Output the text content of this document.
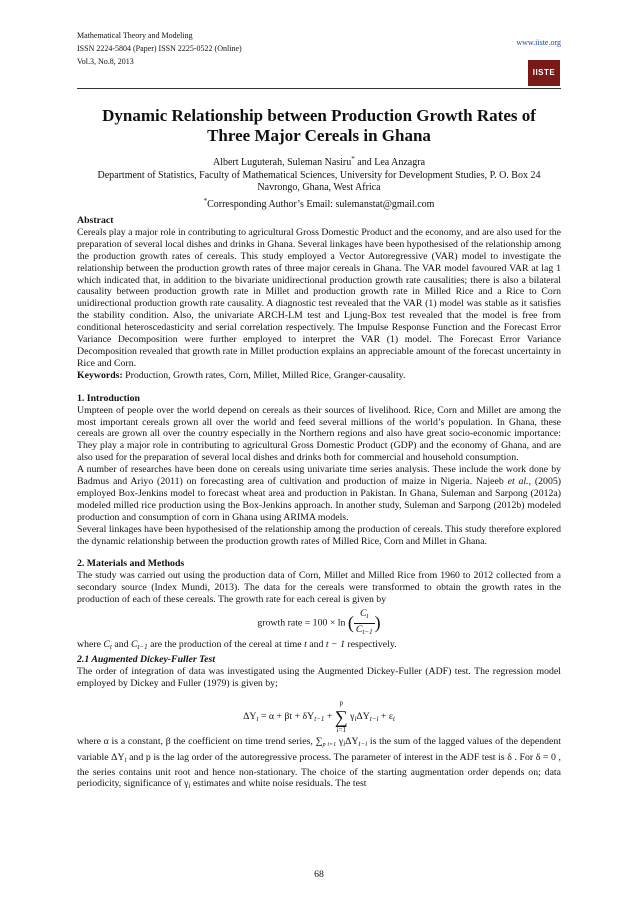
Mathematical Theory and Modeling
www.iiste.org
ISSN 2224-5804 (Paper) ISSN 2225-0522 (Online)
Vol.3, No.8, 2013
IISTE
Dynamic Relationship between Production Growth Rates of
Three Major Cereals in Ghana
Albert Luguterah, Suleman Nasiru* and Lea Anzagra
Department of Statistics, Faculty of Mathematical Sciences, University for Development Studies, P. O. Box 24
Navrongo, Ghana, West Africa
*Corresponding Author’s Email: sulemanstat@gmail.com

Abstract

Cereals play a major role in contributing to agricultural Gross Domestic Product and the economy, and are also used for the preparation of several local dishes and drinks in Ghana. Several linkages have been hypothesised of the relationship among the production growth rates of cereals. This study employed a Vector Autoregressive (VAR) model to investigate the relationship between the production growth rates of three major cereals in Ghana. The VAR model favoured VAR at lag 1 which indicated that, in addition to the bivariate unidirectional production growth rate causalities; there is also a bilateral causality between production growth rate in Millet and production growth rate in Milled Rice and a Rice to Corn unidirectional production growth rate causality. A diagnostic test revealed that the VAR (1) model was stable as it satisfies the stability condition. Also, the univariate ARCH-LM test and Ljung-Box test revealed that the model is free from conditional heteroscedasticity and serial correlation respectively. The Impulse Response Function and the Forecast Error Variance Decomposition were further employed to interpret the VAR (1) model. The Forecast Error Variance Decomposition revealed that growth rate in Millet production explains an appreciable amount of the forecast uncertainty in Rice and Corn.

Keywords: Production, Growth rates, Corn, Millet, Milled Rice, Granger-causality.

1. Introduction

Umpteen of people over the world depend on cereals as their sources of livelihood. Rice, Corn and Millet are among the most important cereals grown all over the world and feed several millions of the world’s population. In Ghana, these cereals are grown all over the country especially in the Northern regions and also have great socio-economic importance: They play a major role in contributing to agricultural Gross Domestic Product (GDP) and the economy of Ghana, and are also used for the preparation of several local dishes and drinks both for commercial and household consumption.

A number of researches have been done on cereals using univariate time series analysis. These include the work done by Badmus and Ariyo (2011) on forecasting area of cultivation and production of maize in Nigeria. Najeeb et al., (2005) employed Box-Jenkins model to forecast wheat area and production in Pakistan. In Ghana, Suleman and Sarpong (2012a) modeled milled rice production using the Box-Jenkins approach. In another study, Suleman and Sarpong (2012b) modeled production and consumption of corn in Ghana using ARIMA models.

Several linkages have been hypothesised of the relationship among the production of cereals. This study therefore explored the dynamic relationship between the production growth rates of Milled Rice, Corn and Millet in Ghana.

2. Materials and Methods

The study was carried out using the production data of Corn, Millet and Milled Rice from 1960 to 2012 collected from a secondary source (Index Mundi, 2013). The data for the cereals were transformed to obtain the growth rates in the production of each of these cereals. The growth rate for each cereal is given by

growth rate = 100 × ln ( $\frac{C_t}{C_{t-1}}$ )

where $C_t$ and $C_{t-1}$ are the production of the cereal at time t and t − 1 respectively.

2.1 Augmented Dickey-Fuller Test

The order of integration of data was investigated using the Augmented Dickey-Fuller (ADF) test. The regression model employed by Dickey and Fuller (1979) is given by;

$\Delta Y_t = \alpha + \beta t + \delta Y_{t-1}$ +
p
∑
i=1
$\gamma_i\Delta Y_{t-i} + \varepsilon_t$

where α is a constant, β the coefficient on time trend series, $\sum_{p i=1}$ $\gamma_i\Delta Y_{t-i}$ is the sum of the lagged values of the dependent variable $\Delta Y_t$ and p is the lag order of the autoregressive process. The parameter of interest in the ADF test is δ . For δ = 0 , the series contains unit root and hence non-stationary. The choice of the starting augmentation order depends on; data periodicity, significance of $\gamma_i$ estimates and white noise residuals. The test

68
